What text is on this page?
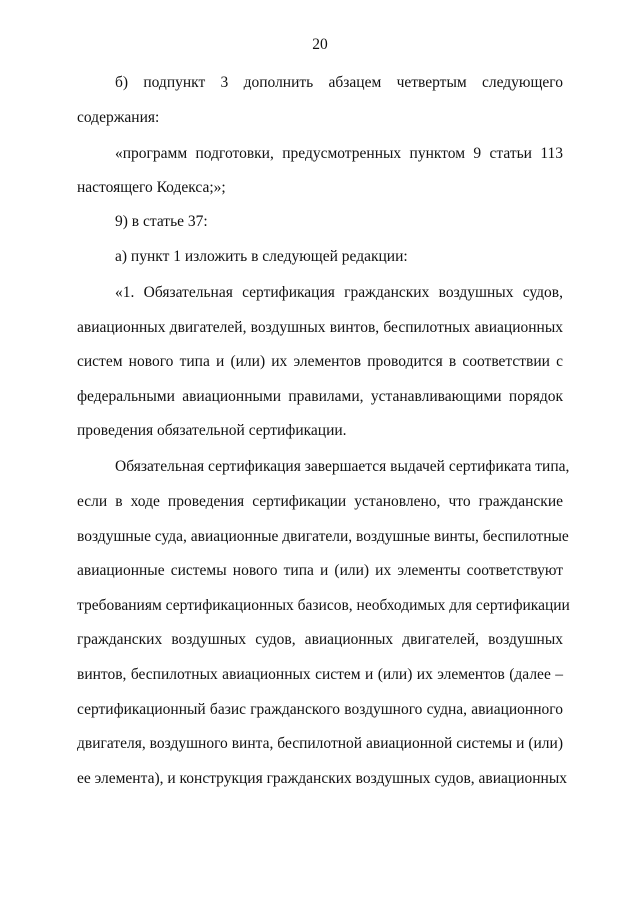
20
б) подпункт 3 дополнить абзацем четвертым следующего
содержания:
«программ подготовки, предусмотренных пунктом 9 статьи 113
настоящего Кодекса;»;
9) в статье 37:
а) пункт 1 изложить в следующей редакции:
«1. Обязательная сертификация гражданских воздушных судов,
авиационных двигателей, воздушных винтов, беспилотных авиационных
систем нового типа и (или) их элементов проводится в соответствии с
федеральными авиационными правилами, устанавливающими порядок
проведения обязательной сертификации.
Обязательная сертификация завершается выдачей сертификата типа,
если в ходе проведения сертификации установлено, что гражданские
воздушные суда, авиационные двигатели, воздушные винты, беспилотные
авиационные системы нового типа и (или) их элементы соответствуют
требованиям сертификационных базисов, необходимых для сертификации
гражданских воздушных судов, авиационных двигателей, воздушных
винтов, беспилотных авиационных систем и (или) их элементов (далее –
сертификационный базис гражданского воздушного судна, авиационного
двигателя, воздушного винта, беспилотной авиационной системы и (или)
ее элемента), и конструкция гражданских воздушных судов, авиационных
